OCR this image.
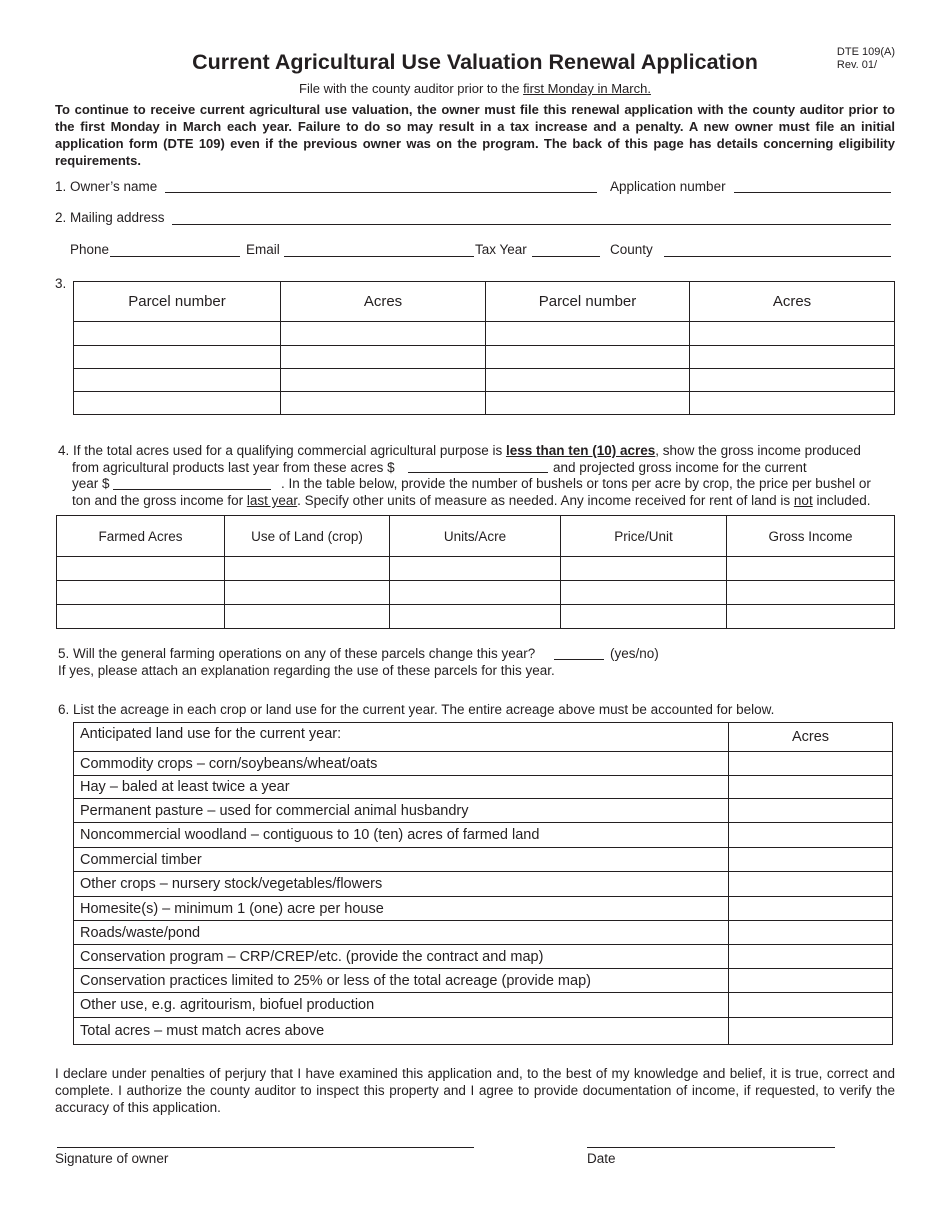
DTE 109(A)
Rev. 01/
Current Agricultural Use Valuation Renewal Application
File with the county auditor prior to the first Monday in March.
To continue to receive current agricultural use valuation, the owner must file this renewal application with the county auditor prior to the first Monday in March each year. Failure to do so may result in a tax increase and a penalty. A new owner must file an initial application form (DTE 109) even if the previous owner was on the program. The back of this page has details concerning eligibility requirements.
1. Owner’s name	Application number
2. Mailing address
Phone	Email	Tax Year	County
3.
Parcel number	Acres	Parcel number	Acres

4. If the total acres used for a qualifying commercial agricultural purpose is less than ten (10) acres, show the gross income produced
from agricultural products last year from these acres $	and projected gross income for the current
year $	. In the table below, provide the number of bushels or tons per acre by crop, the price per bushel or
ton and the gross income for last year. Specify other units of measure as needed. Any income received for rent of land is not included.
Farmed Acres	Use of Land (crop)	Units/Acre	Price/Unit	Gross Income

5. Will the general farming operations on any of these parcels change this year?	(yes/no)
If yes, please attach an explanation regarding the use of these parcels for this year.
6. List the acreage in each crop or land use for the current year. The entire acreage above must be accounted for below.
Anticipated land use for the current year:	Acres
Commodity crops – corn/soybeans/wheat/oats	
Hay – baled at least twice a year	
Permanent pasture – used for commercial animal husbandry	
Noncommercial woodland – contiguous to 10 (ten) acres of farmed land	
Commercial timber	
Other crops – nursery stock/vegetables/flowers	
Homesite(s) – minimum 1 (one) acre per house	
Roads/waste/pond	
Conservation program – CRP/CREP/etc. (provide the contract and map)	
Conservation practices limited to 25% or less of the total acreage (provide map)	
Other use, e.g. agritourism, biofuel production	
Total acres – must match acres above	
I declare under penalties of perjury that I have examined this application and, to the best of my knowledge and belief, it is true, correct and complete. I authorize the county auditor to inspect this property and I agree to provide documentation of income, if requested, to verify the accuracy of this application.
Signature of owner	Date
